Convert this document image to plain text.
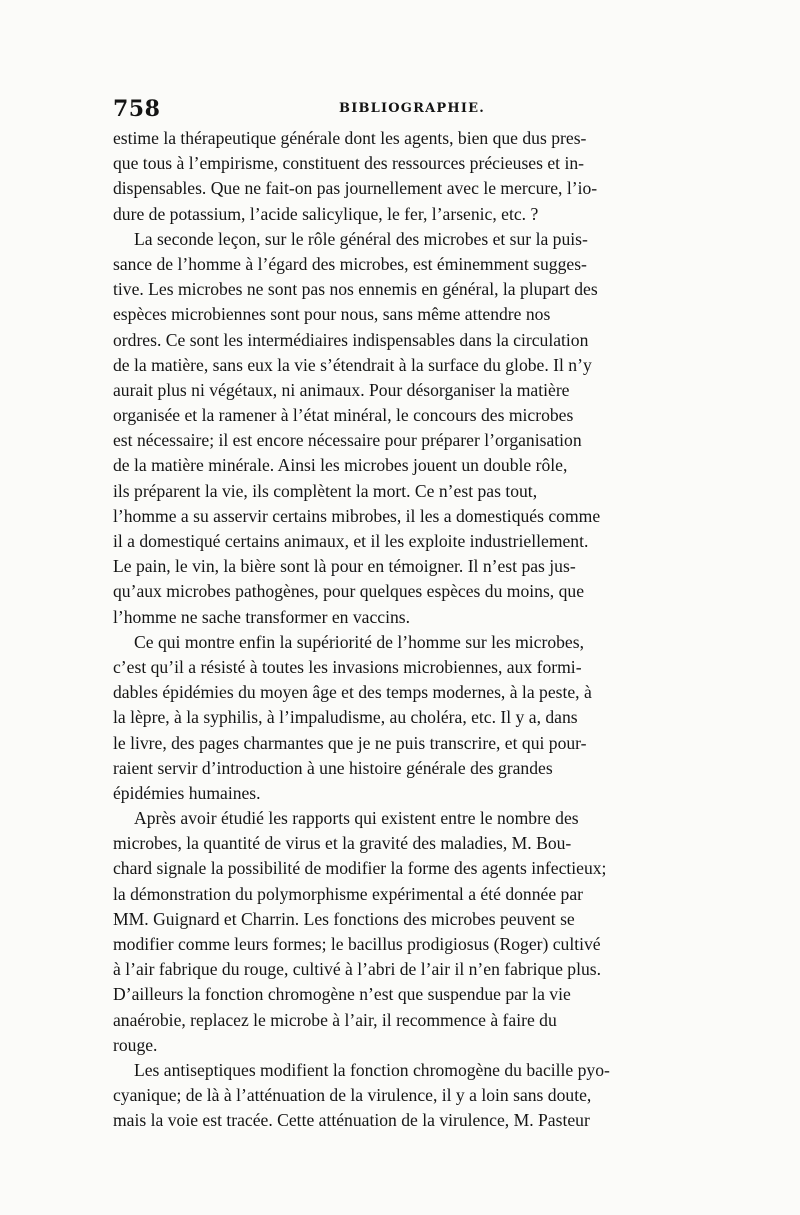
758	BIBLIOGRAPHIE.
estime la thérapeutique générale dont les agents, bien que dus pres-
que tous à l’empirisme, constituent des ressources précieuses et in-
dispensables. Que ne fait-on pas journellement avec le mercure, l’io-
dure de potassium, l’acide salicylique, le fer, l’arsenic, etc. ?
La seconde leçon, sur le rôle général des microbes et sur la puis-
sance de l’homme à l’égard des microbes, est éminemment sugges-
tive. Les microbes ne sont pas nos ennemis en général, la plupart des
espèces microbiennes sont pour nous, sans même attendre nos
ordres. Ce sont les intermédiaires indispensables dans la circulation
de la matière, sans eux la vie s’étendrait à la surface du globe. Il n’y
aurait plus ni végétaux, ni animaux. Pour désorganiser la matière
organisée et la ramener à l’état minéral, le concours des microbes
est nécessaire; il est encore nécessaire pour préparer l’organisation
de la matière minérale. Ainsi les microbes jouent un double rôle,
ils préparent la vie, ils complètent la mort. Ce n’est pas tout,
l’homme a su asservir certains mibrobes, il les a domestiqués comme
il a domestiqué certains animaux, et il les exploite industriellement.
Le pain, le vin, la bière sont là pour en témoigner. Il n’est pas jus-
qu’aux microbes pathogènes, pour quelques espèces du moins, que
l’homme ne sache transformer en vaccins.
Ce qui montre enfin la supériorité de l’homme sur les microbes,
c’est qu’il a résisté à toutes les invasions microbiennes, aux formi-
dables épidémies du moyen âge et des temps modernes, à la peste, à
la lèpre, à la syphilis, à l’impaludisme, au choléra, etc. Il y a, dans
le livre, des pages charmantes que je ne puis transcrire, et qui pour-
raient servir d’introduction à une histoire générale des grandes
épidémies humaines.
Après avoir étudié les rapports qui existent entre le nombre des
microbes, la quantité de virus et la gravité des maladies, M. Bou-
chard signale la possibilité de modifier la forme des agents infectieux;
la démonstration du polymorphisme expérimental a été donnée par
MM. Guignard et Charrin. Les fonctions des microbes peuvent se
modifier comme leurs formes; le bacillus prodigiosus (Roger) cultivé
à l’air fabrique du rouge, cultivé à l’abri de l’air il n’en fabrique plus.
D’ailleurs la fonction chromogène n’est que suspendue par la vie
anaérobie, replacez le microbe à l’air, il recommence à faire du
rouge.
Les antiseptiques modifient la fonction chromogène du bacille pyo-
cyanique; de là à l’atténuation de la virulence, il y a loin sans doute,
mais la voie est tracée. Cette atténuation de la virulence, M. Pasteur
